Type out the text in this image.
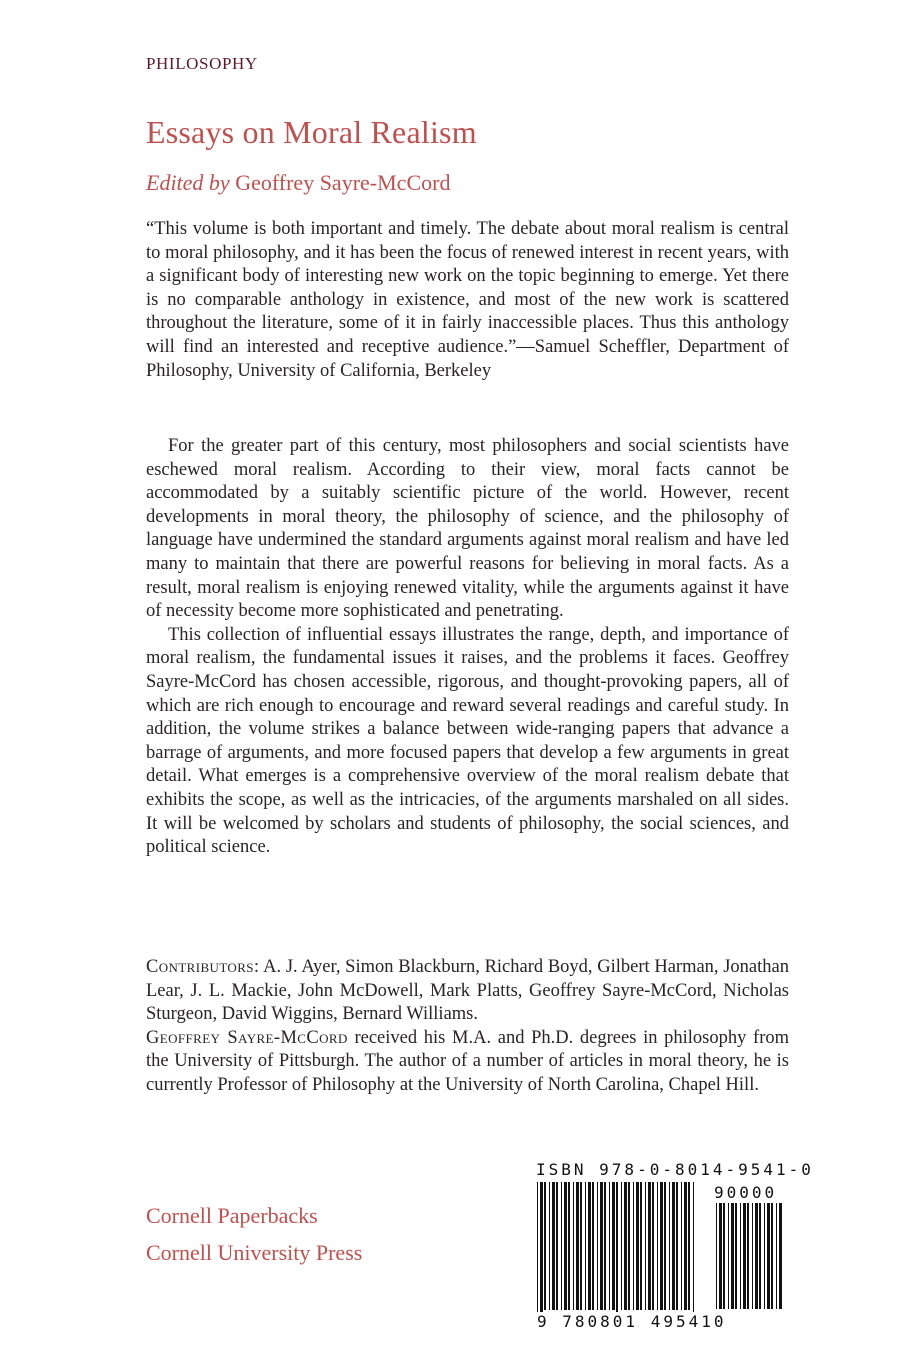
PHILOSOPHY
Essays on Moral Realism
Edited by Geoffrey Sayre-McCord
“This volume is both important and timely. The debate about moral realism is central to moral philosophy, and it has been the focus of renewed interest in recent years, with a significant body of interesting new work on the topic beginning to emerge. Yet there is no comparable anthology in existence, and most of the new work is scattered throughout the literature, some of it in fairly inaccessible places. Thus this anthology will find an interested and receptive audience.”—Samuel Scheffler, Department of Philosophy, University of California, Berkeley

For the greater part of this century, most philosophers and social scientists have eschewed moral realism. According to their view, moral facts cannot be accommodated by a suitably scientific picture of the world. However, recent developments in moral theory, the philosophy of science, and the philosophy of language have undermined the standard arguments against moral realism and have led many to maintain that there are powerful reasons for believing in moral facts. As a result, moral realism is enjoying renewed vitality, while the arguments against it have of necessity become more sophisticated and penetrating.

This collection of influential essays illustrates the range, depth, and importance of moral realism, the fundamental issues it raises, and the problems it faces. Geoffrey Sayre-McCord has chosen accessible, rigorous, and thought-provoking papers, all of which are rich enough to encourage and reward several readings and careful study. In addition, the volume strikes a balance between wide-ranging papers that advance a barrage of arguments, and more focused papers that develop a few arguments in great detail. What emerges is a comprehensive overview of the moral realism debate that exhibits the scope, as well as the intricacies, of the arguments marshaled on all sides. It will be welcomed by scholars and students of philosophy, the social sciences, and political science.

Contributors: A. J. Ayer, Simon Blackburn, Richard Boyd, Gilbert Harman, Jonathan Lear, J. L. Mackie, John McDowell, Mark Platts, Geoffrey Sayre-McCord, Nicholas Sturgeon, David Wiggins, Bernard Williams.

Geoffrey Sayre-McCord received his M.A. and Ph.D. degrees in philosophy from the University of Pittsburgh. The author of a number of articles in moral theory, he is currently Professor of Philosophy at the University of North Carolina, Chapel Hill.

Cornell Paperbacks
Cornell University Press
ISBN 978-0-8014-9541-0
90000
9 780801 495410
